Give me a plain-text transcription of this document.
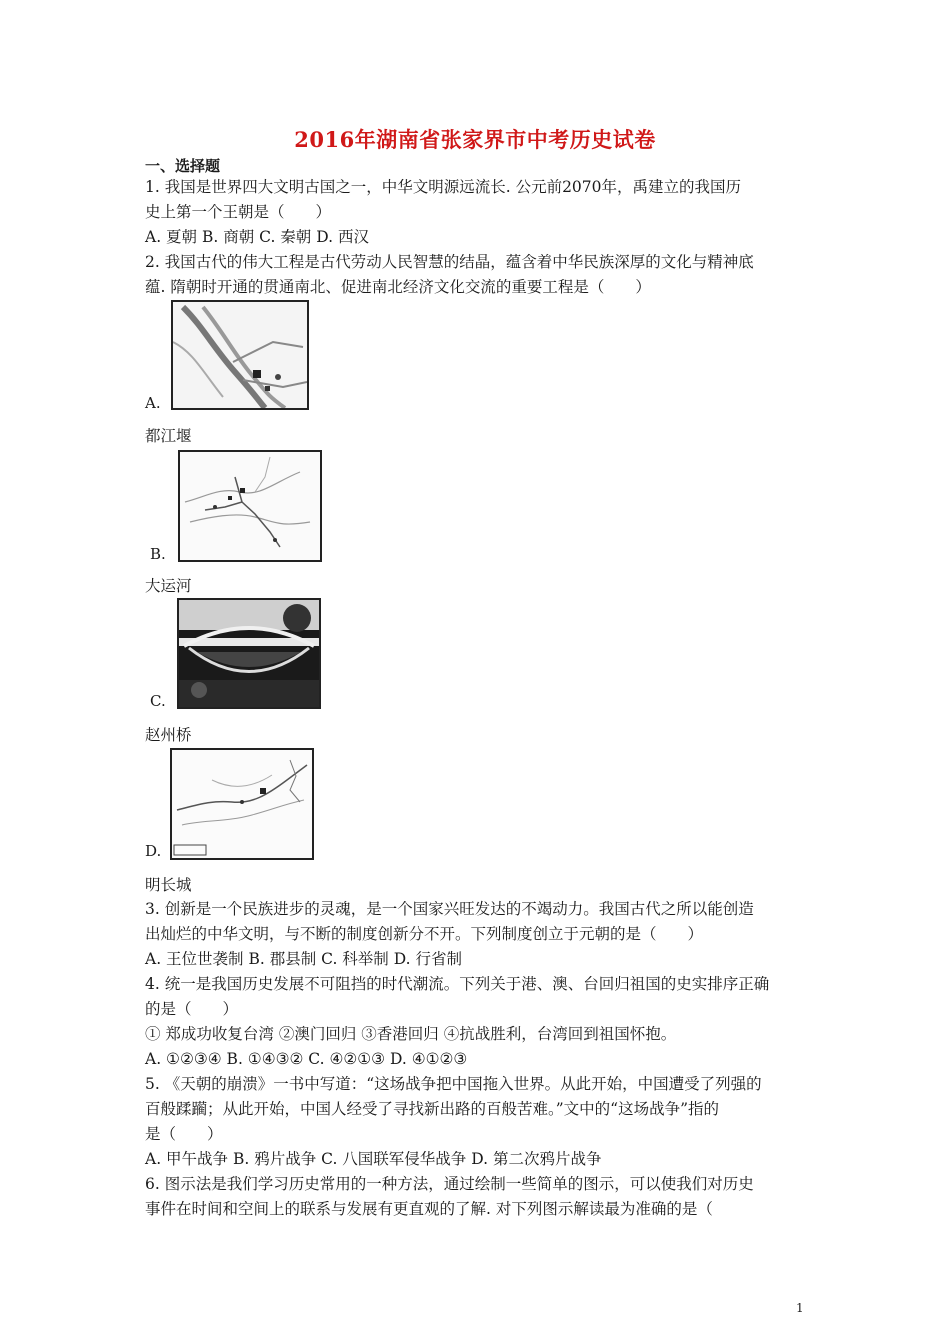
2016年湖南省张家界市中考历史试卷
一、选择题
1. 我国是世界四大文明古国之一，中华文明源远流长. 公元前2070年，禹建立的我国历
史上第一个王朝是（　　）
A. 夏朝 B. 商朝 C. 秦朝 D. 西汉
2. 我国古代的伟大工程是古代劳动人民智慧的结晶，蕴含着中华民族深厚的文化与精神底
蕴. 隋朝时开通的贯通南北、促进南北经济文化交流的重要工程是（　　）
A.
都江堰
B.
大运河
C.
赵州桥
D.
明长城
3. 创新是一个民族进步的灵魂，是一个国家兴旺发达的不竭动力。我国古代之所以能创造
出灿烂的中华文明，与不断的制度创新分不开。下列制度创立于元朝的是（　　）
A. 王位世袭制 B. 郡县制 C. 科举制 D. 行省制
4. 统一是我国历史发展不可阻挡的时代潮流。下列关于港、澳、台回归祖国的史实排序正确
的是（　　）
① 郑成功收复台湾 ②澳门回归 ③香港回归 ④抗战胜利，台湾回到祖国怀抱。
A. ①②③④ B. ①④③② C. ④②①③ D. ④①②③
5. 《天朝的崩溃》一书中写道：“这场战争把中国拖入世界。从此开始，中国遭受了列强的
百般蹂躏；从此开始，中国人经受了寻找新出路的百般苦难。”文中的“这场战争”指的
是（　　）
A. 甲午战争 B. 鸦片战争 C. 八国联军侵华战争 D. 第二次鸦片战争
6. 图示法是我们学习历史常用的一种方法，通过绘制一些简单的图示，可以使我们对历史
事件在时间和空间上的联系与发展有更直观的了解. 对下列图示解读最为准确的是（
1
